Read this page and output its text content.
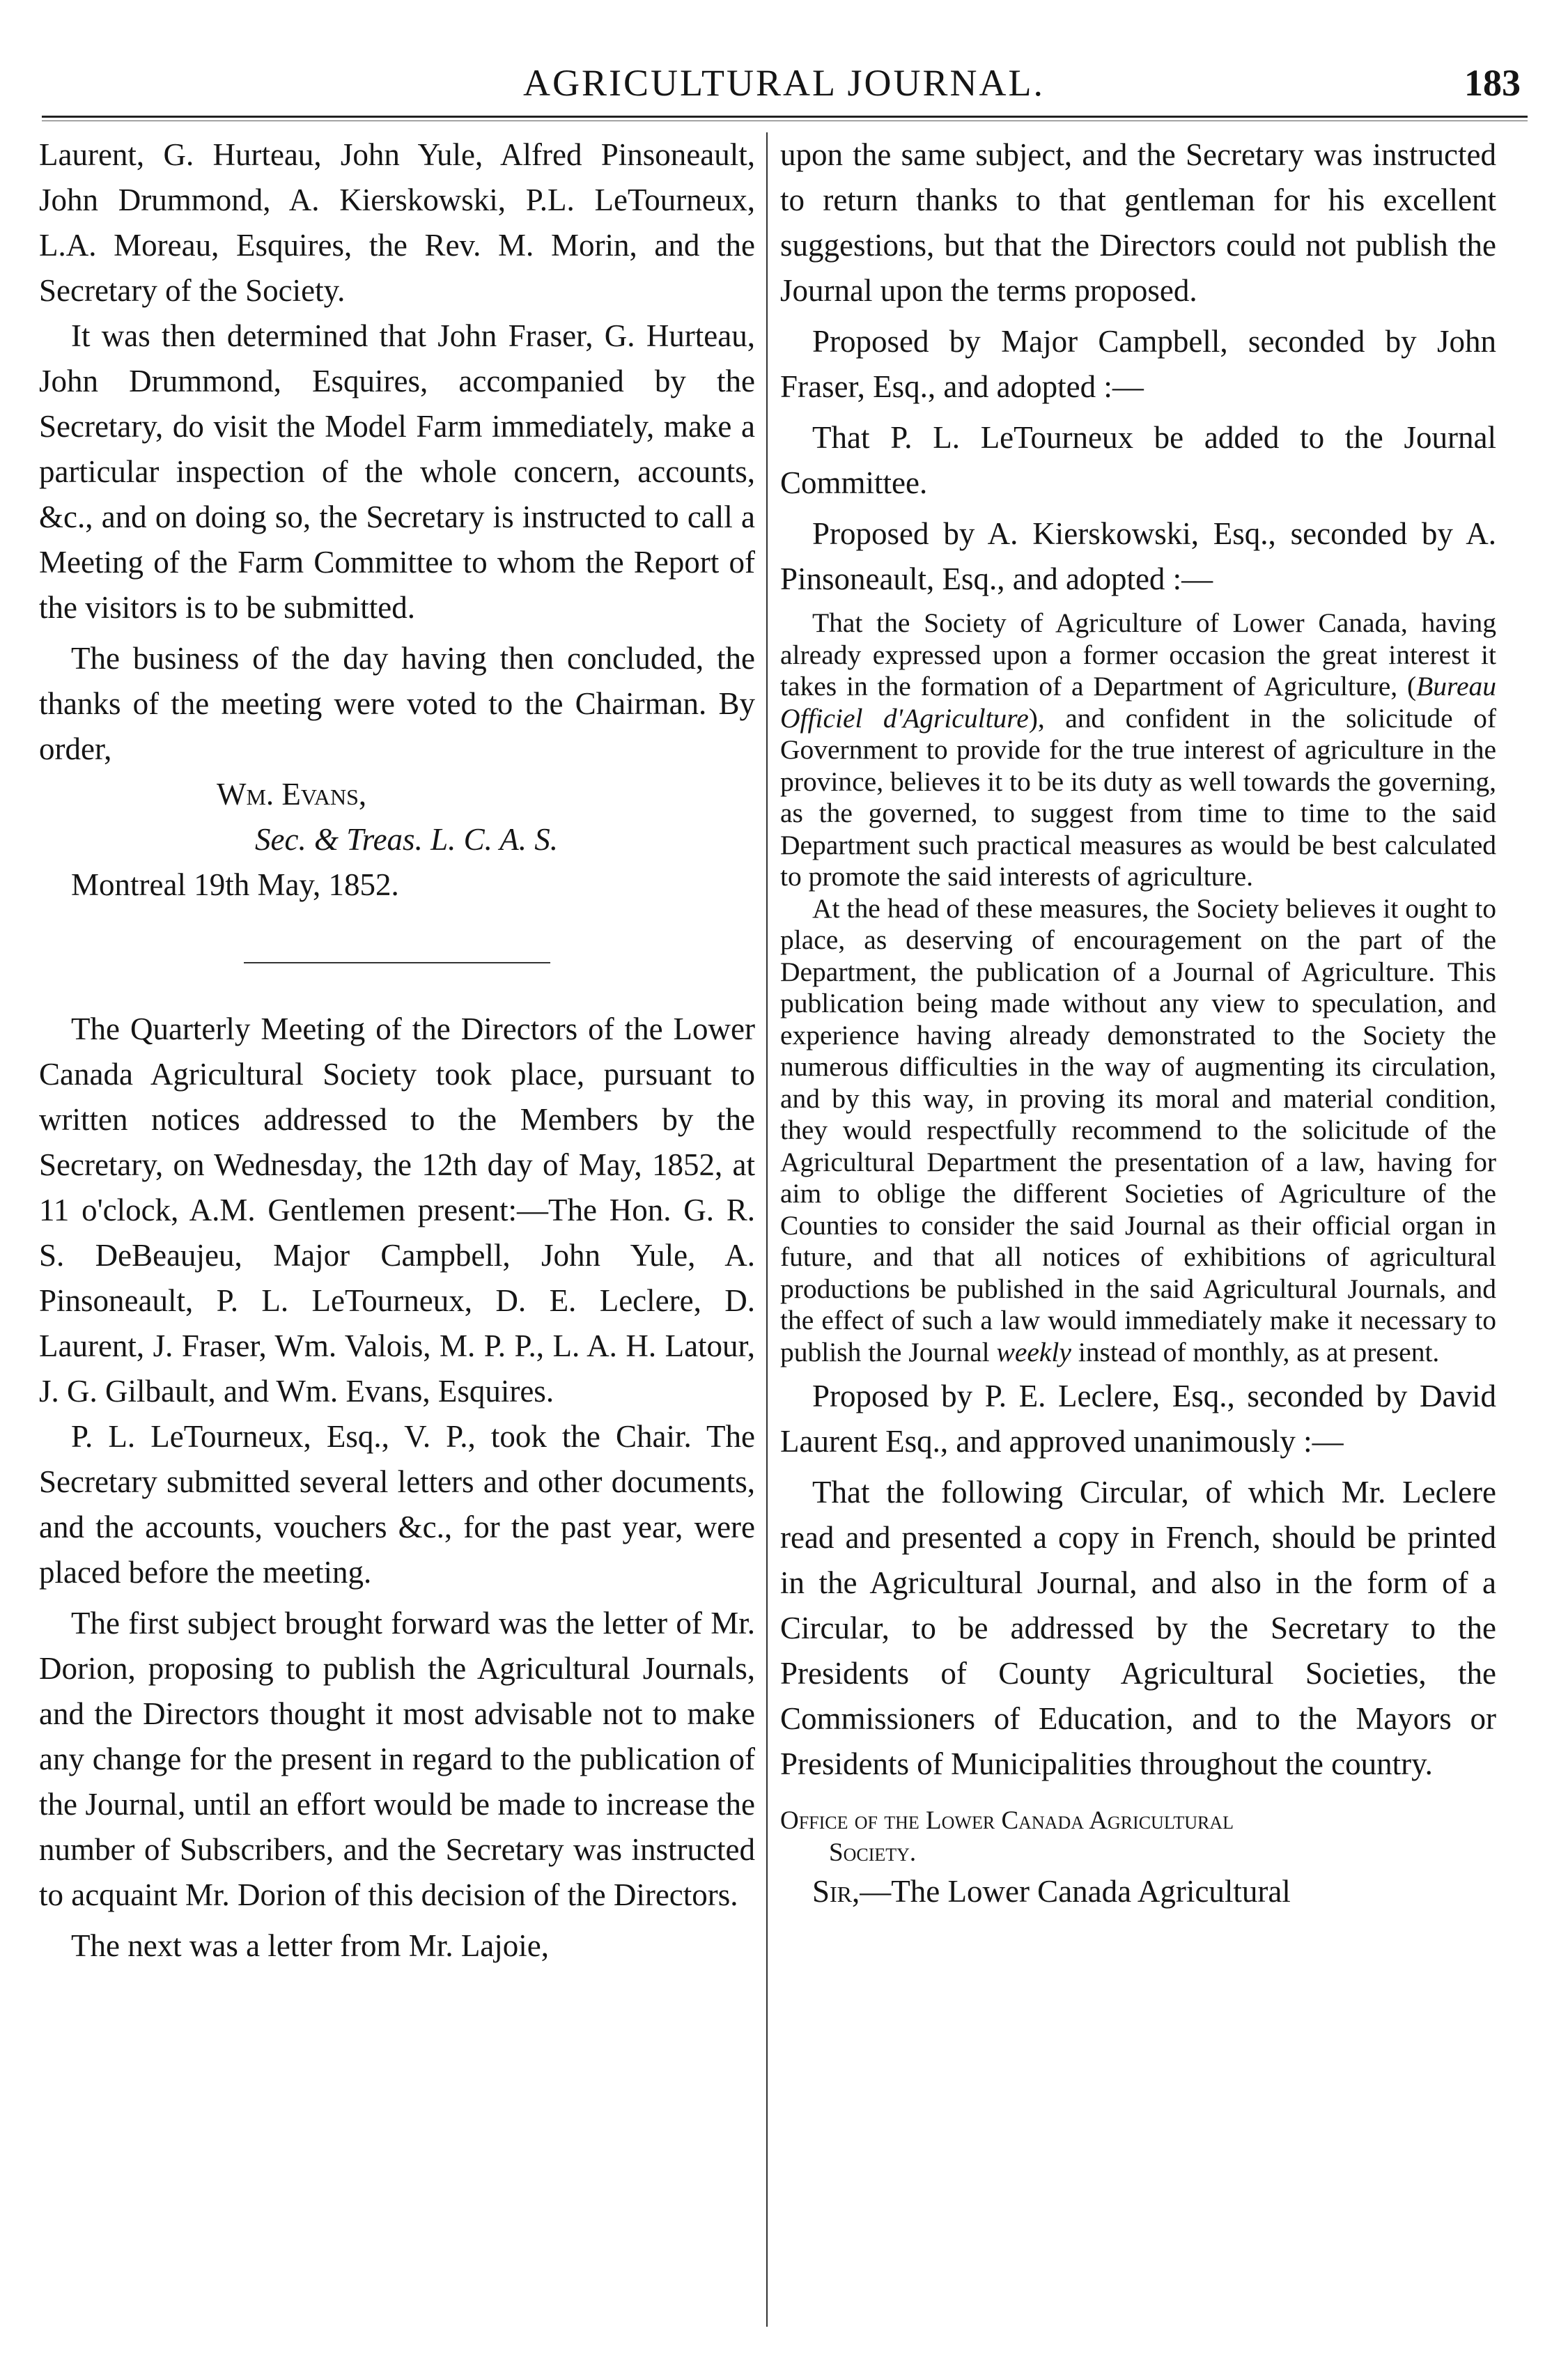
AGRICULTURAL JOURNAL.	183

Laurent, G. Hurteau, John Yule, Alfred Pinsoneault, John Drummond, A. Kierskowski, P.L. LeTourneux, L.A. Moreau, Esquires, the Rev. M. Morin, and the Secretary of the Society.

It was then determined that John Fraser, G. Hurteau, John Drummond, Esquires, accompanied by the Secretary, do visit the Model Farm immediately, make a particular inspection of the whole concern, accounts, &c., and on doing so, the Secretary is instructed to call a Meeting of the Farm Committee to whom the Report of the visitors is to be submitted.

The business of the day having then concluded, the thanks of the meeting were voted to the Chairman. By order,

Wm. Evans,
Sec. & Treas. L. C. A. S.
Montreal 19th May, 1852.

The Quarterly Meeting of the Directors of the Lower Canada Agricultural Society took place, pursuant to written notices addressed to the Members by the Secretary, on Wednesday, the 12th day of May, 1852, at 11 o'clock, A.M. Gentlemen present:—The Hon. G. R. S. DeBeaujeu, Major Campbell, John Yule, A. Pinsoneault, P. L. LeTourneux, D. E. Leclere, D. Laurent, J. Fraser, Wm. Valois, M. P. P., L. A. H. Latour, J. G. Gilbault, and Wm. Evans, Esquires.

P. L. LeTourneux, Esq., V. P., took the Chair. The Secretary submitted several letters and other documents, and the accounts, vouchers &c., for the past year, were placed before the meeting.

The first subject brought forward was the letter of Mr. Dorion, proposing to publish the Agricultural Journals, and the Directors thought it most advisable not to make any change for the present in regard to the publication of the Journal, until an effort would be made to increase the number of Subscribers, and the Secretary was instructed to acquaint Mr. Dorion of this decision of the Directors.

The next was a letter from Mr. Lajoie,

upon the same subject, and the Secretary was instructed to return thanks to that gentleman for his excellent suggestions, but that the Directors could not publish the Journal upon the terms proposed.

Proposed by Major Campbell, seconded by John Fraser, Esq., and adopted :—

That P. L. LeTourneux be added to the Journal Committee.

Proposed by A. Kierskowski, Esq., seconded by A. Pinsoneault, Esq., and adopted :—

That the Society of Agriculture of Lower Canada, having already expressed upon a former occasion the great interest it takes in the formation of a Department of Agriculture, (Bureau Officiel d'Agriculture), and confident in the solicitude of Government to provide for the true interest of agriculture in the province, believes it to be its duty as well towards the governing, as the governed, to suggest from time to time to the said Department such practical measures as would be best calculated to promote the said interests of agriculture.

At the head of these measures, the Society believes it ought to place, as deserving of encouragement on the part of the Department, the publication of a Journal of Agriculture. This publication being made without any view to speculation, and experience having already demonstrated to the Society the numerous difficulties in the way of augmenting its circulation, and by this way, in proving its moral and material condition, they would respectfully recommend to the solicitude of the Agricultural Department the presentation of a law, having for aim to oblige the different Societies of Agriculture of the Counties to consider the said Journal as their official organ in future, and that all notices of exhibitions of agricultural productions be published in the said Agricultural Journals, and the effect of such a law would immediately make it necessary to publish the Journal weekly instead of monthly, as at present.

Proposed by P. E. Leclere, Esq., seconded by David Laurent Esq., and approved unanimously :—

That the following Circular, of which Mr. Leclere read and presented a copy in French, should be printed in the Agricultural Journal, and also in the form of a Circular, to be addressed by the Secretary to the Presidents of County Agricultural Societies, the Commissioners of Education, and to the Mayors or Presidents of Municipalities throughout the country.

Office of the Lower Canada Agricultural
Society.

Sir,—The Lower Canada Agricultural
